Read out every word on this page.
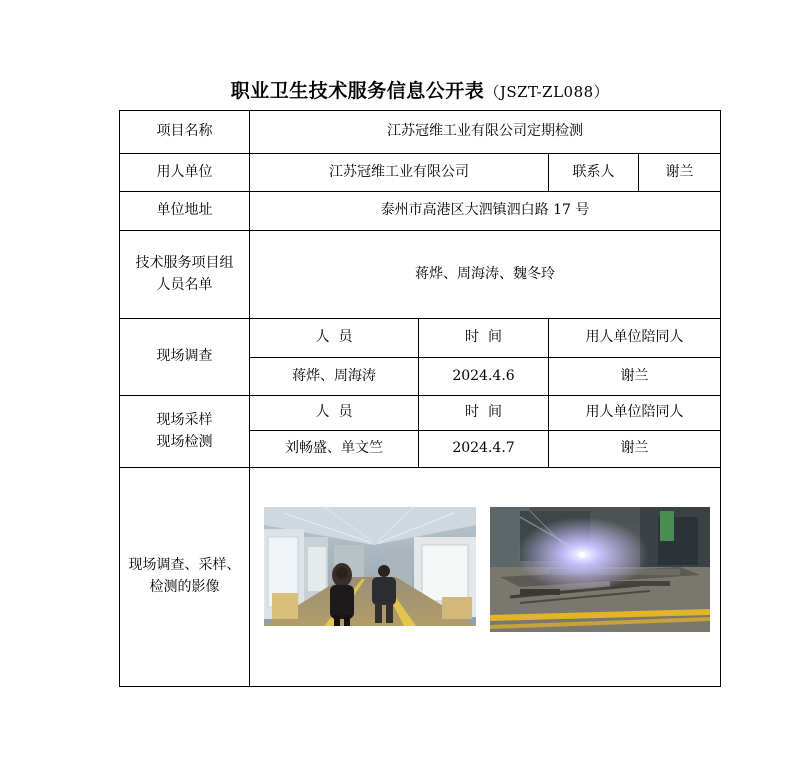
职业卫生技术服务信息公开表（JSZT-ZL088）
项目名称	江苏冠维工业有限公司定期检测			
用人单位	江苏冠维工业有限公司		联系人	谢兰
单位地址	泰州市高港区大泗镇泗白路 17 号			

技术服务项目组
人员名单	蒋烨、周海涛、魏冬玲			
现场调查	人  员	时  间	用人单位陪同人	
	蒋烨、周海涛	2024.4.6	谢兰	

现场采样
现场检测	人  员	时  间	用人单位陪同人	
	刘畅盛、单文竺	2024.4.7	谢兰	

现场调查、采样、
检测的影像
